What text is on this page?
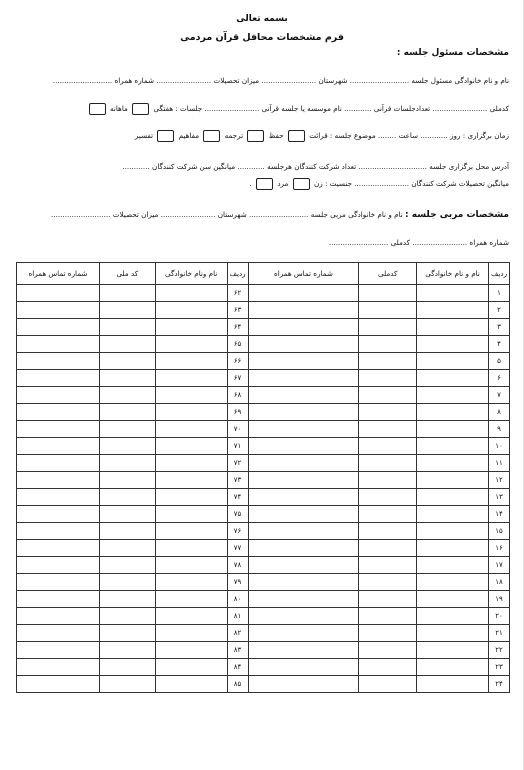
بسمه تعالی
فرم مشخصات محافل قرآن مردمی
مشخصات مسئول جلسه :
نام و نام خانوادگی مسئول جلسه .......................... شهرستان ........................ میزان تحصیلات ........................ شماره همراه ..........................
کدملی ........................ تعدادجلسات قرآنی ............ نام موسسه یا جلسه قرآنی ........................ جلسات : هفتگی  ماهانه
زمان برگزاری : روز ............ ساعت ........ موضوع جلسه : قرائت  حفظ  ترجمه  مفاهیم  تفسیر
آدرس محل برگزاری جلسه .............................. تعداد شرکت کنندگان هرجلسه ............ میانگین سن شرکت کنندگان ............
میانگین تحصیلات شرکت کنندگان ........................ جنسیت : زن  مرد  .
مشخصات مربی جلسه : نام و نام خانوادگی مربی جلسه .......................... شهرستان ........................ میزان تحصیلات ..........................
شماره همراه ........................ کدملی ..........................
ردیف	نام و نام خانوادگی	کدملی	شماره تماس همراه	ردیف	نام ونام خانوادگی	کد ملی	شماره تماس همراه
۱				۶۲			
۲				۶۳			
۳				۶۴			
۴				۶۵			
۵				۶۶			
۶				۶۷			
۷				۶۸			
۸				۶۹			
۹				۷۰			
۱۰				۷۱			
۱۱				۷۲			
۱۲				۷۳			
۱۳				۷۴			
۱۴				۷۵			
۱۵				۷۶			
۱۶				۷۷			
۱۷				۷۸			
۱۸				۷۹			
۱۹				۸۰			
۲۰				۸۱			
۲۱				۸۲			
۲۲				۸۳			
۲۳				۸۴			
۲۴				۸۵			
